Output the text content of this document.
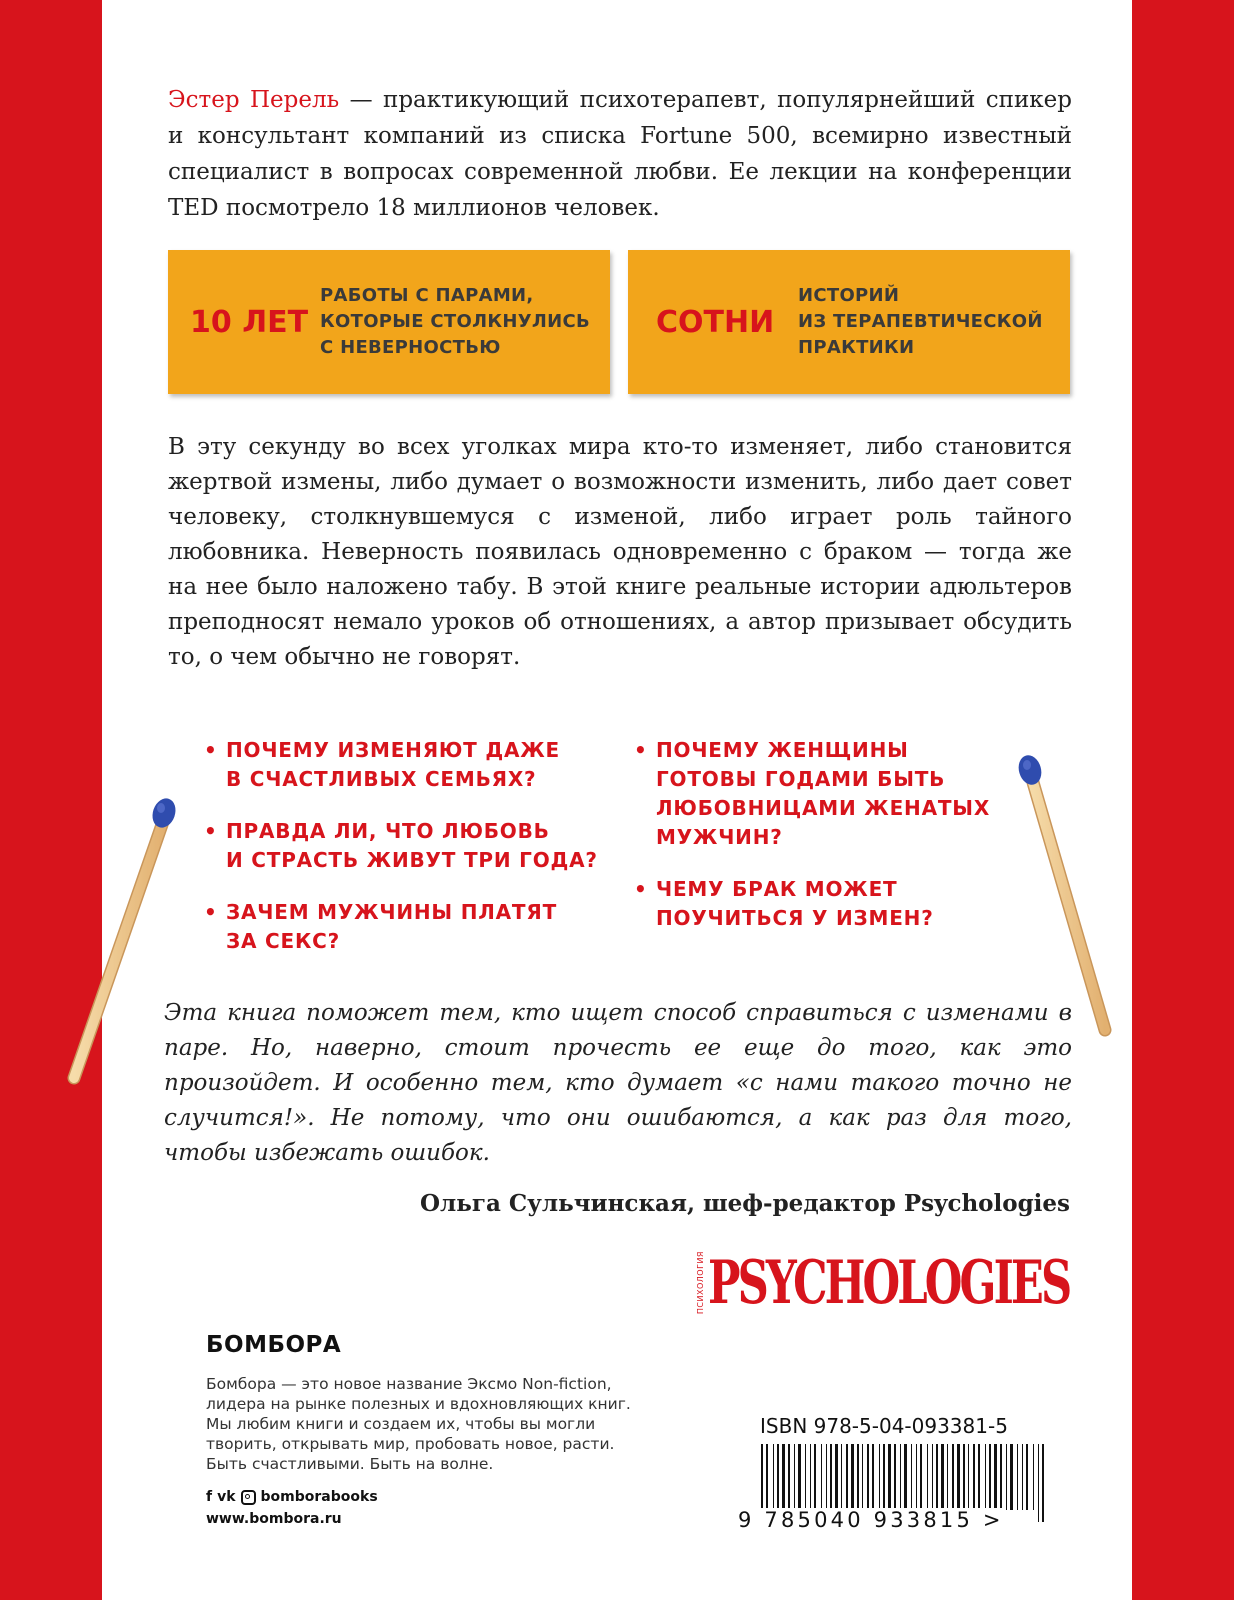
Эстер Перель — практикующий психотерапевт, популярнейший спикер и консультант компаний из списка Fortune 500, всемирно известный специалист в вопросах современной любви. Ее лекции на конференции TED посмотрело 18 миллионов человек.

10 ЛЕТ
РАБОТЫ С ПАРАМИ,
КОТОРЫЕ СТОЛКНУЛИСЬ
С НЕВЕРНОСТЬЮ
СОТНИ
ИСТОРИЙ
ИЗ ТЕРАПЕВТИЧЕСКОЙ
ПРАКТИКИ

В эту секунду во всех уголках мира кто-то изменяет, либо становится жертвой измены, либо думает о возможности изменить, либо дает совет человеку, столкнувшемуся с изменой, либо играет роль тайного любовника. Неверность появилась одновременно с браком — тогда же на нее было наложено табу. В этой книге реальные истории адюльтеров преподносят немало уроков об отношениях, а автор призывает обсудить то, о чем обычно не говорят.

• ПОЧЕМУ ИЗМЕНЯЮТ ДАЖЕ
В СЧАСТЛИВЫХ СЕМЬЯХ?
• ПРАВДА ЛИ, ЧТО ЛЮБОВЬ
И СТРАСТЬ ЖИВУТ ТРИ ГОДА?
• ЗАЧЕМ МУЖЧИНЫ ПЛАТЯТ
ЗА СЕКС?
• ПОЧЕМУ ЖЕНЩИНЫ
ГОТОВЫ ГОДАМИ БЫТЬ
ЛЮБОВНИЦАМИ ЖЕНАТЫХ
МУЖЧИН?
• ЧЕМУ БРАК МОЖЕТ
ПОУЧИТЬСЯ У ИЗМЕН?

Эта книга поможет тем, кто ищет способ справиться с изменами в паре. Но, наверно, стоит прочесть ее еще до того, как это произойдет. И особенно тем, кто думает «с нами такого точно не случится!». Не потому, что они ошибаются, а как раз для того, чтобы избежать ошибок.

Ольга Сульчинская, шеф-редактор Psychologies
ПСИХОЛОГИЯ PSYCHOLOGIES
БОМБОРА
Бомбора — это новое название Эксмо Non-fiction,
лидера на рынке полезных и вдохновляющих книг.
Мы любим книги и создаем их, чтобы вы могли
творить, открывать мир, пробовать новое, расти.
Быть счастливыми. Быть на волне.
f vk bomborabooks
www.bombora.ru
ISBN 978-5-04-093381-5
9 785040 933815 >
